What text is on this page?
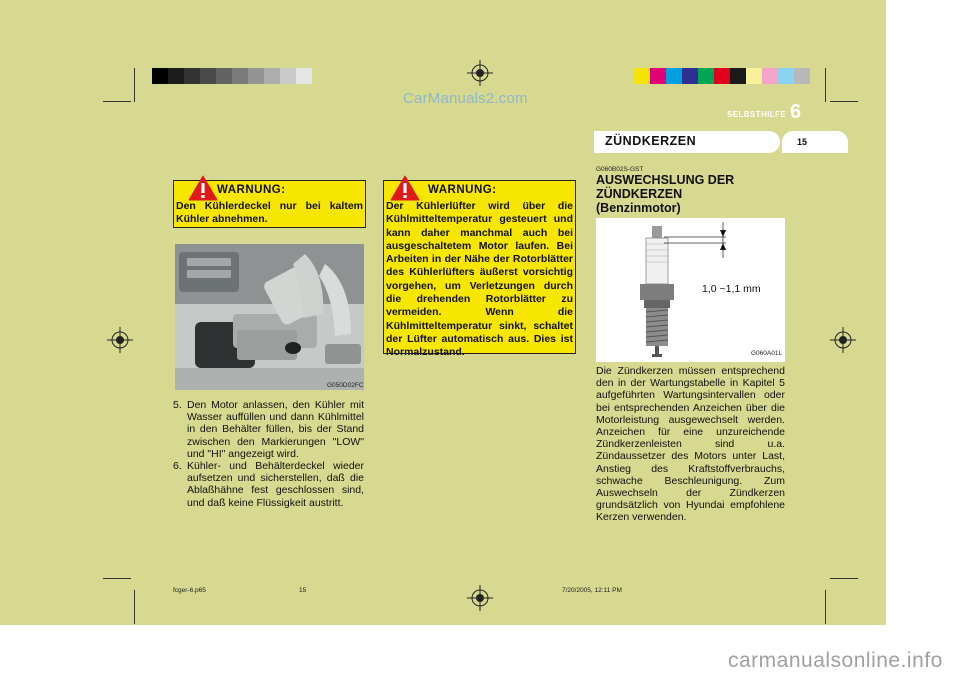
CarManuals2.com
SELBSTHILFE 6
ZÜNDKERZEN	15
WARNUNG:
Den Kühlerdeckel nur bei kaltem Kühler abnehmen.
WARNUNG:
Der Kühlerlüfter wird über die Kühlmitteltemperatur gesteuert und kann daher manchmal auch bei ausgeschaltetem Motor laufen. Bei Arbeiten in der Nähe der Rotorblätter des Kühlerlüfters äußerst vorsichtig vorgehen, um Verletzungen durch die drehenden Rotorblätter zu vermeiden. Wenn die Kühlmitteltemperatur sinkt, schaltet der Lüfter automatisch aus. Dies ist Normalzustand.
G050D02FC
5. Den Motor anlassen, den Kühler mit Wasser auffüllen und dann Kühlmittel in den Behälter füllen, bis der Stand zwischen den Markierungen "LOW" und "HI" angezeigt wird.
6. Kühler- und Behälterdeckel wieder aufsetzen und sicherstellen, daß die Ablaßhähne fest geschlossen sind, und daß keine Flüssigkeit austritt.
G060B02S-GST
AUSWECHSLUNG DER
ZÜNDKERZEN
(Benzinmotor)
1,0 ~1,1 mm
G060A01L
Die Zündkerzen müssen entsprechend den in der Wartungstabelle in Kapitel 5 aufgeführten Wartungsintervallen oder bei entsprechenden Anzeichen über die Motorleistung ausgewechselt werden. Anzeichen für eine unzureichende Zündkerzenleisten sind u.a. Zündaussetzer des Motors unter Last, Anstieg des Kraftstoffverbrauchs, schwache Beschleunigung. Zum Auswechseln der Zündkerzen grundsätzlich von Hyundai empfohlene Kerzen verwenden.
fcger-6.p65	15	7/20/2005, 12:11 PM
carmanualsonline.info
